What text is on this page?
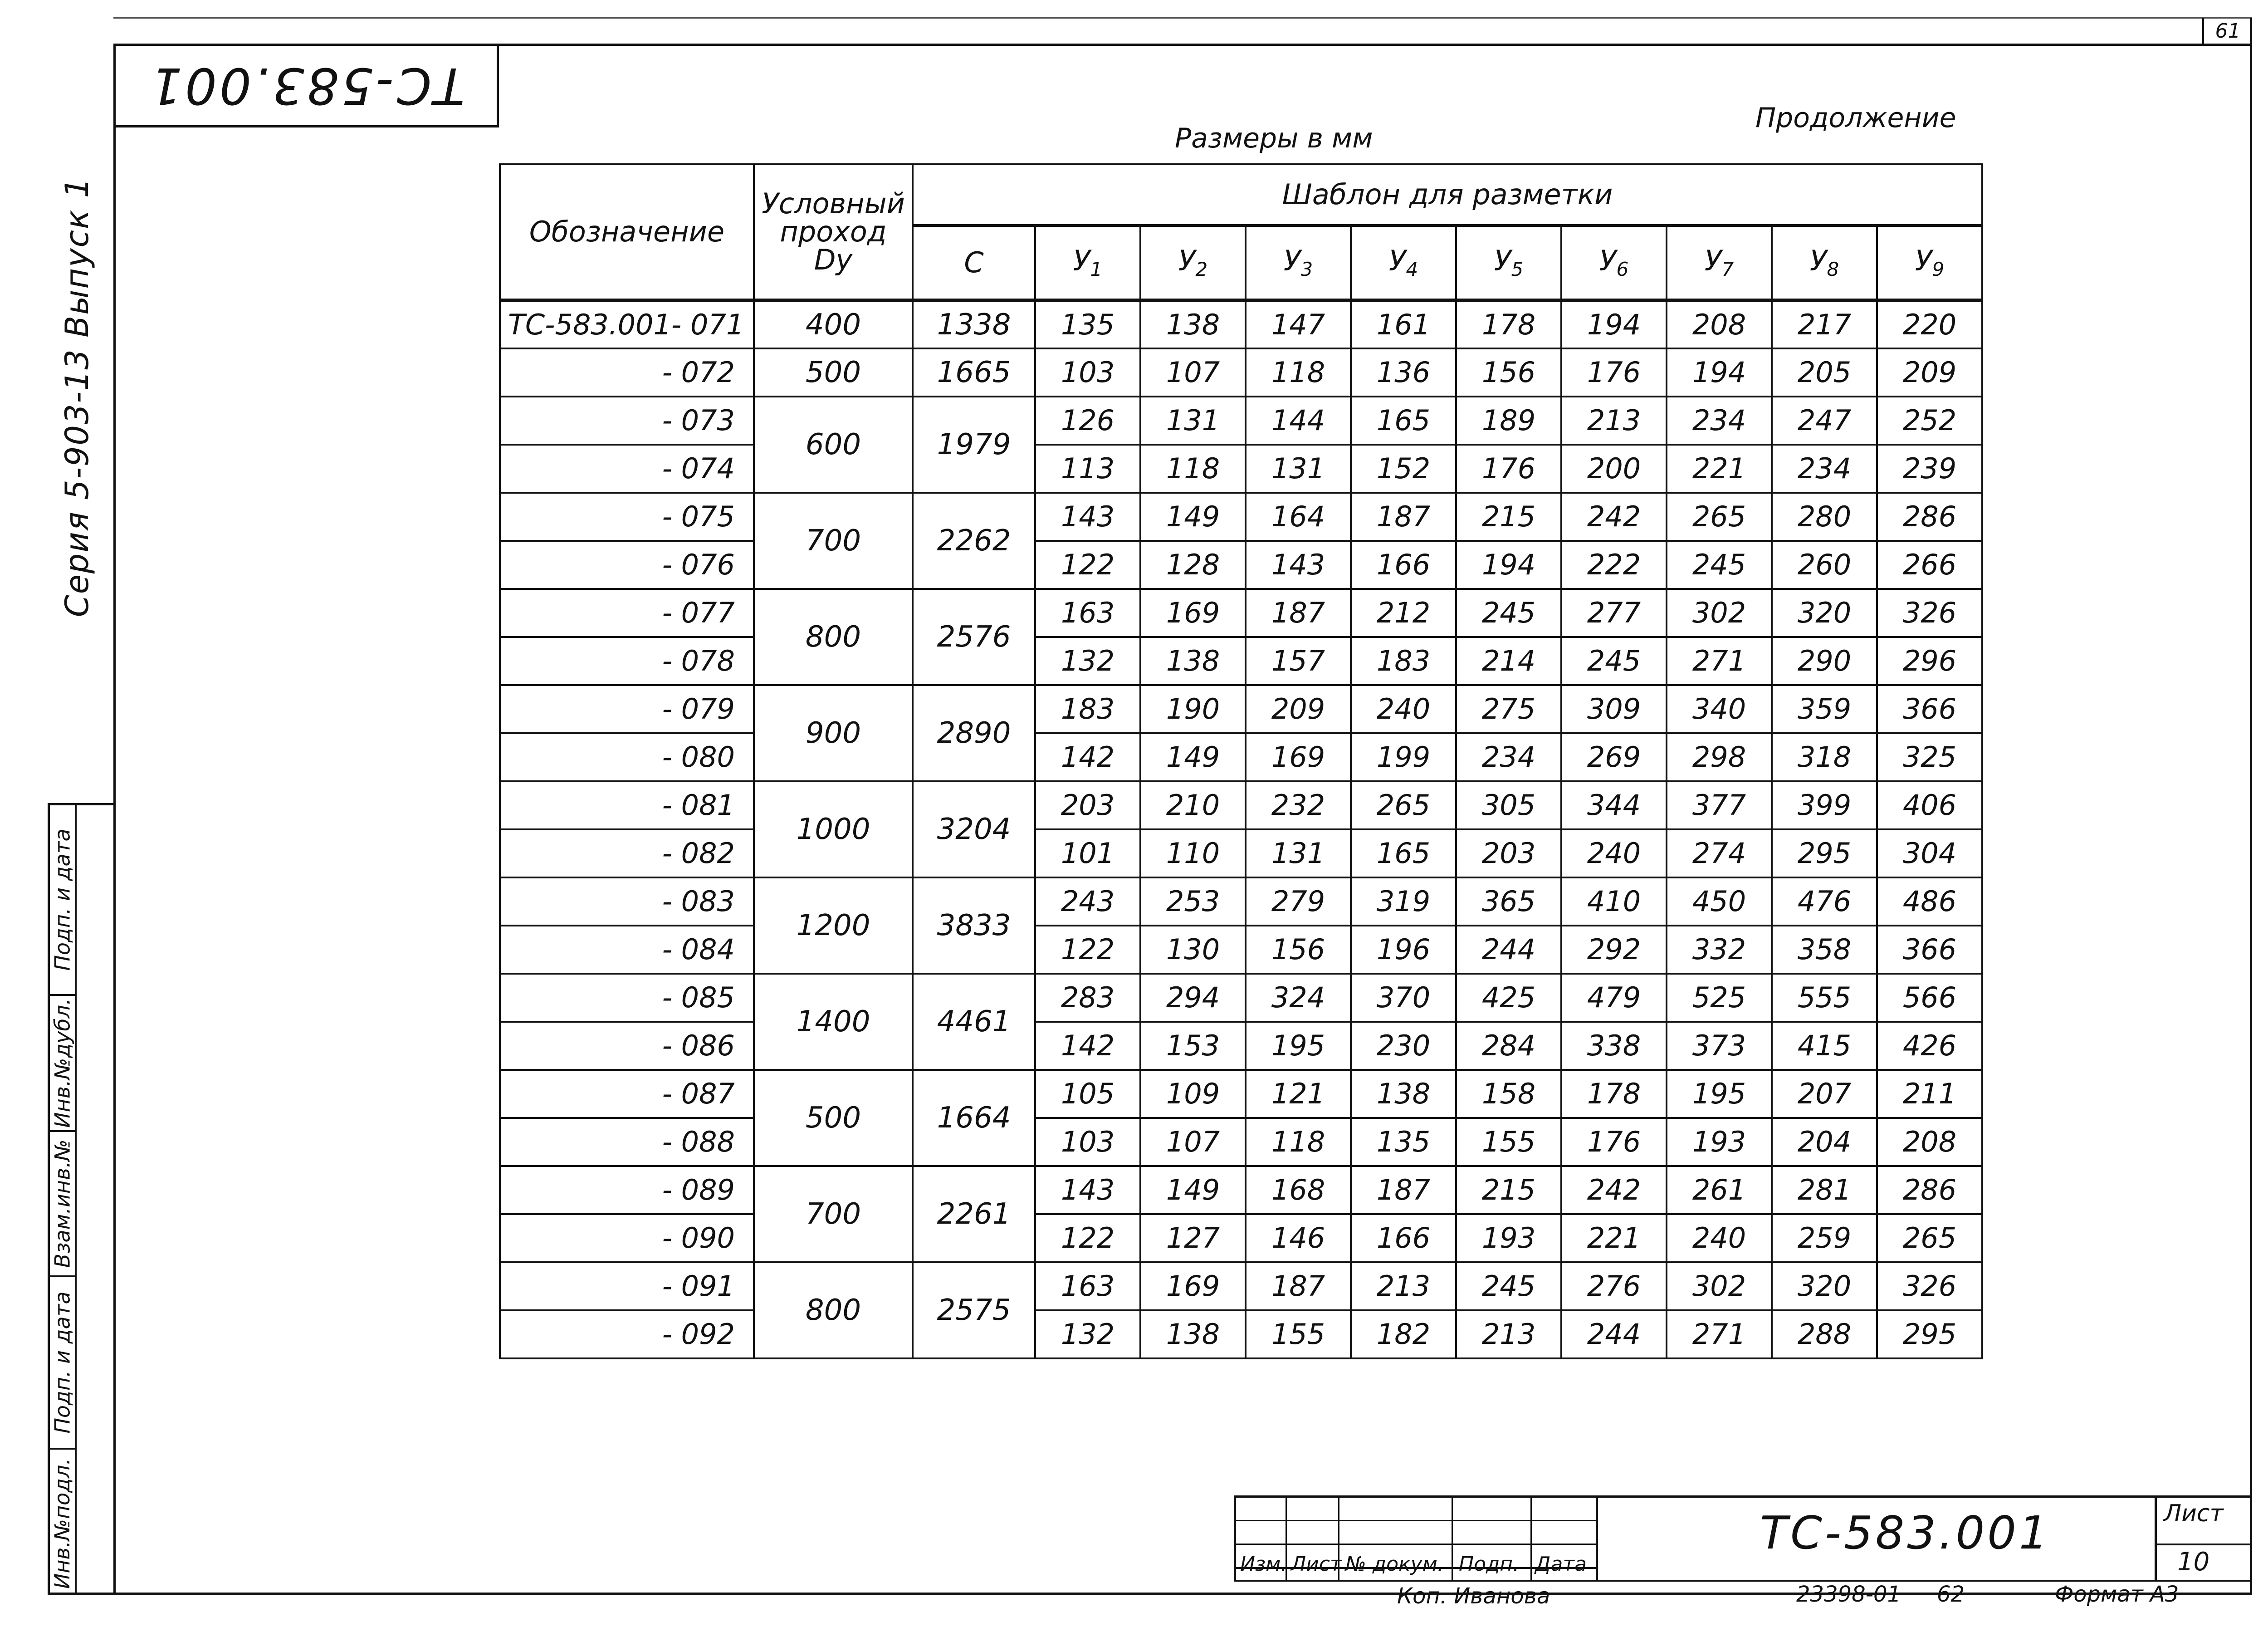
61
ТС-583.001
Размеры в мм
Продолжение
Серия 5-903-13 Выпуск 1
Подп. и дата
Инв.№дубл.
Взам.инв.№
Подп. и дата
Инв.№подл.
Обозначение	Условный
проход
Dy	Шаблон для разметки									
		C	$У_1$	$У_2$	$У_3$	$У_4$	$У_5$	$У_6$	$У_7$	$У_8$	$У_9$
ТС-583.001- 071	400	1338	135	138	147	161	178	194	208	217	220
- 072	500	1665	103	107	118	136	156	176	194	205	209
- 073	600	1979	126	131	144	165	189	213	234	247	252
- 074			113	118	131	152	176	200	221	234	239
- 075	700	2262	143	149	164	187	215	242	265	280	286
- 076			122	128	143	166	194	222	245	260	266
- 077	800	2576	163	169	187	212	245	277	302	320	326
- 078			132	138	157	183	214	245	271	290	296
- 079	900	2890	183	190	209	240	275	309	340	359	366
- 080			142	149	169	199	234	269	298	318	325
- 081	1000	3204	203	210	232	265	305	344	377	399	406
- 082			101	110	131	165	203	240	274	295	304
- 083	1200	3833	243	253	279	319	365	410	450	476	486
- 084			122	130	156	196	244	292	332	358	366
- 085	1400	4461	283	294	324	370	425	479	525	555	566
- 086			142	153	195	230	284	338	373	415	426
- 087	500	1664	105	109	121	138	158	178	195	207	211
- 088			103	107	118	135	155	176	193	204	208
- 089	700	2261	143	149	168	187	215	242	261	281	286
- 090			122	127	146	166	193	221	240	259	265
- 091	800	2575	163	169	187	213	245	276	302	320	326
- 092			132	138	155	182	213	244	271	288	295
Изм. Лист № докум. Подп. Дата
ТС-583.001	Лист
10
Коп. Иванова	23398-01 62	Формат А3
